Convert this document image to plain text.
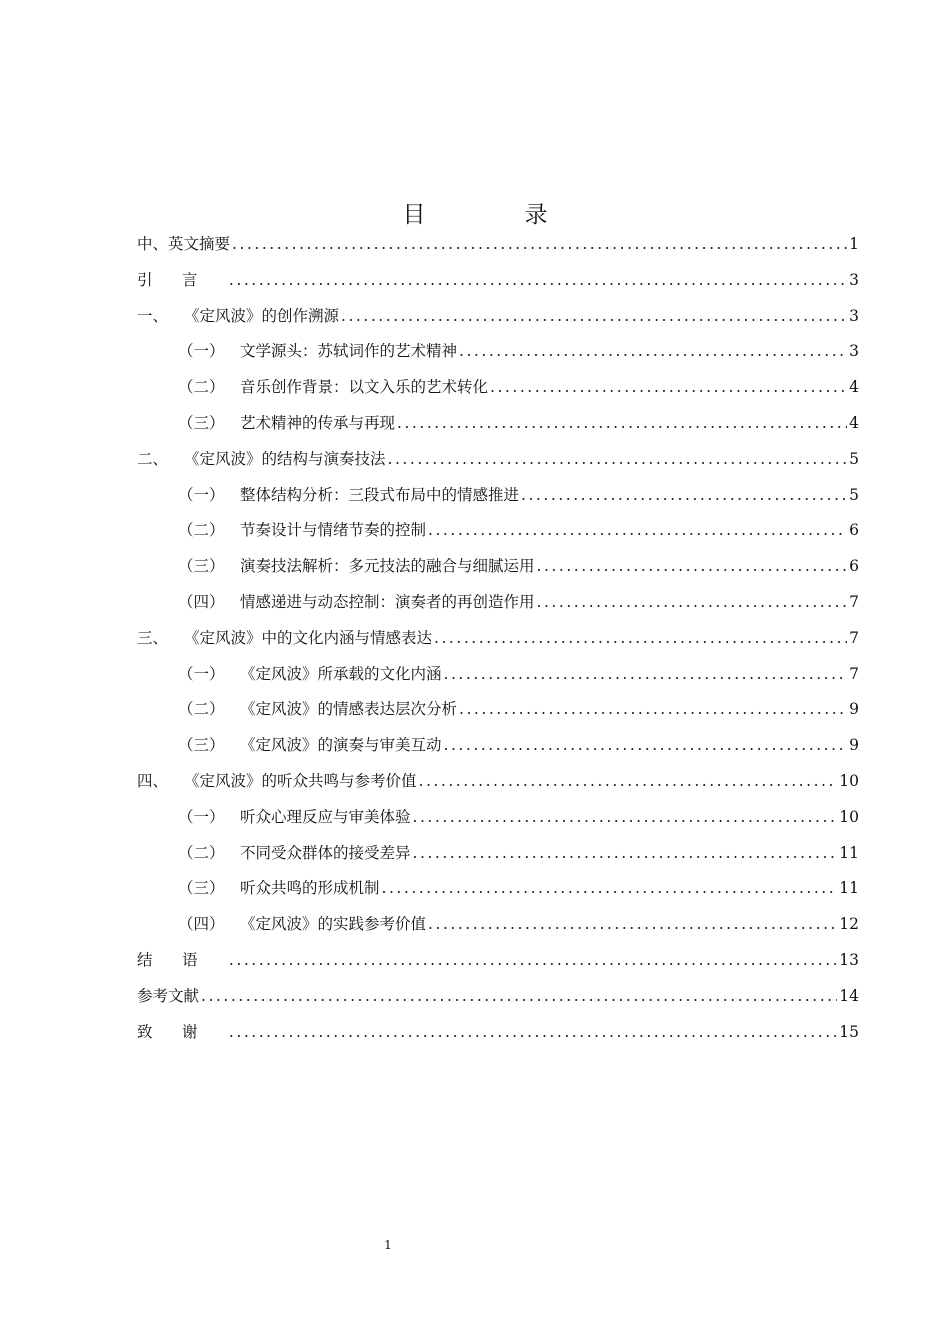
目　录
中、英文摘要 . . .	1
引言 . . .	3
一、	《定风波》的创作溯源 . . .	3
（一） 文学源头：苏轼词作的艺术精神 . . .	3
（二） 音乐创作背景：以文入乐的艺术转化 . . .	4
（三） 艺术精神的传承与再现 . . .	4
二、	《定风波》的结构与演奏技法 . . .	5
（一） 整体结构分析：三段式布局中的情感推进 . . .	5
（二） 节奏设计与情绪节奏的控制 . . .	6
（三） 演奏技法解析：多元技法的融合与细腻运用 . . .	6
（四） 情感递进与动态控制：演奏者的再创造作用 . . .	7
三、	《定风波》中的文化内涵与情感表达 . . .	7
（一） 《定风波》所承载的文化内涵 . . .	7
（二） 《定风波》的情感表达层次分析 . . .	9
（三） 《定风波》的演奏与审美互动 . . .	9
四、	《定风波》的听众共鸣与参考价值 . . .	10
（一） 听众心理反应与审美体验 . . .	10
（二） 不同受众群体的接受差异 . . .	11
（三） 听众共鸣的形成机制 . . .	11
（四） 《定风波》的实践参考价值 . . .	12
结语 . . .	13
参考文献 . . .	14
致谢 . . .	15
1
